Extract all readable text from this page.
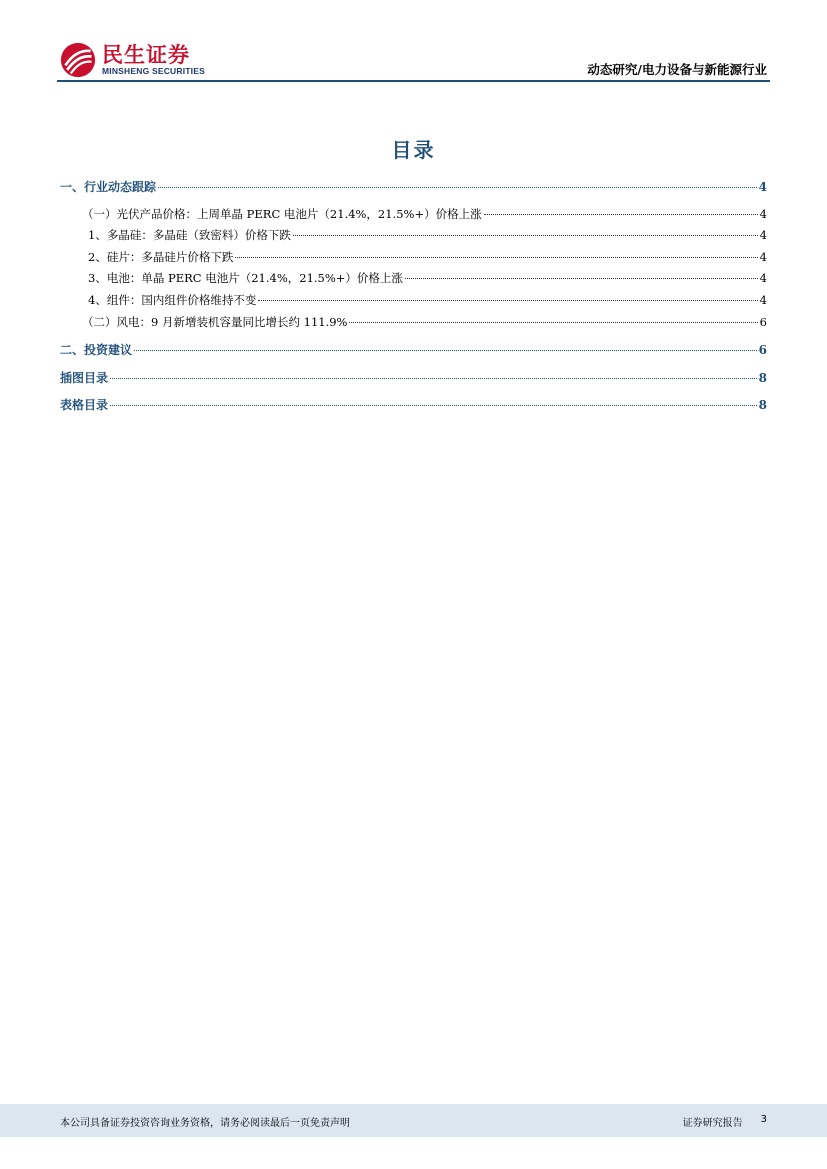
民生证券
MINSHENG SECURITIES	动态研究/电力设备与新能源行业
目录
一、行业动态跟踪	4
（一）光伏产品价格：上周单晶 PERC 电池片（21.4%，21.5%+）价格上涨	4
1、多晶硅：多晶硅（致密料）价格下跌	4
2、硅片：多晶硅片价格下跌	4
3、电池：单晶 PERC 电池片（21.4%，21.5%+）价格上涨	4
4、组件：国内组件价格维持不变	4
（二）风电：9 月新增装机容量同比增长约 111.9%	6
二、投资建议	6
插图目录	8
表格目录	8
本公司具备证券投资咨询业务资格，请务必阅读最后一页免责声明	证券研究报告 3
